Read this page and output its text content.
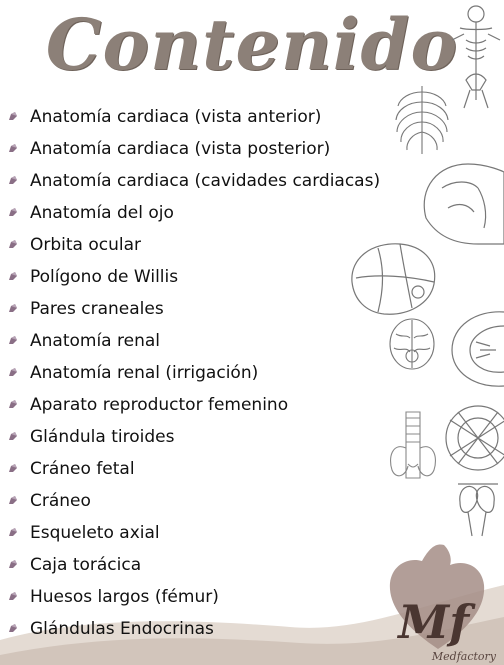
Contenido
Anatomía cardiaca (vista anterior)
Anatomía cardiaca (vista posterior)
Anatomía cardiaca (cavidades cardiacas)
Anatomía del ojo
Orbita ocular
Polígono de Willis
Pares craneales
Anatomía renal
Anatomía renal (irrigación)
Aparato reproductor femenino
Glándula tiroides
Cráneo fetal
Cráneo
Esqueleto axial
Caja torácica
Huesos largos (fémur)
Glándulas Endocrinas	Mf
Medfactory
